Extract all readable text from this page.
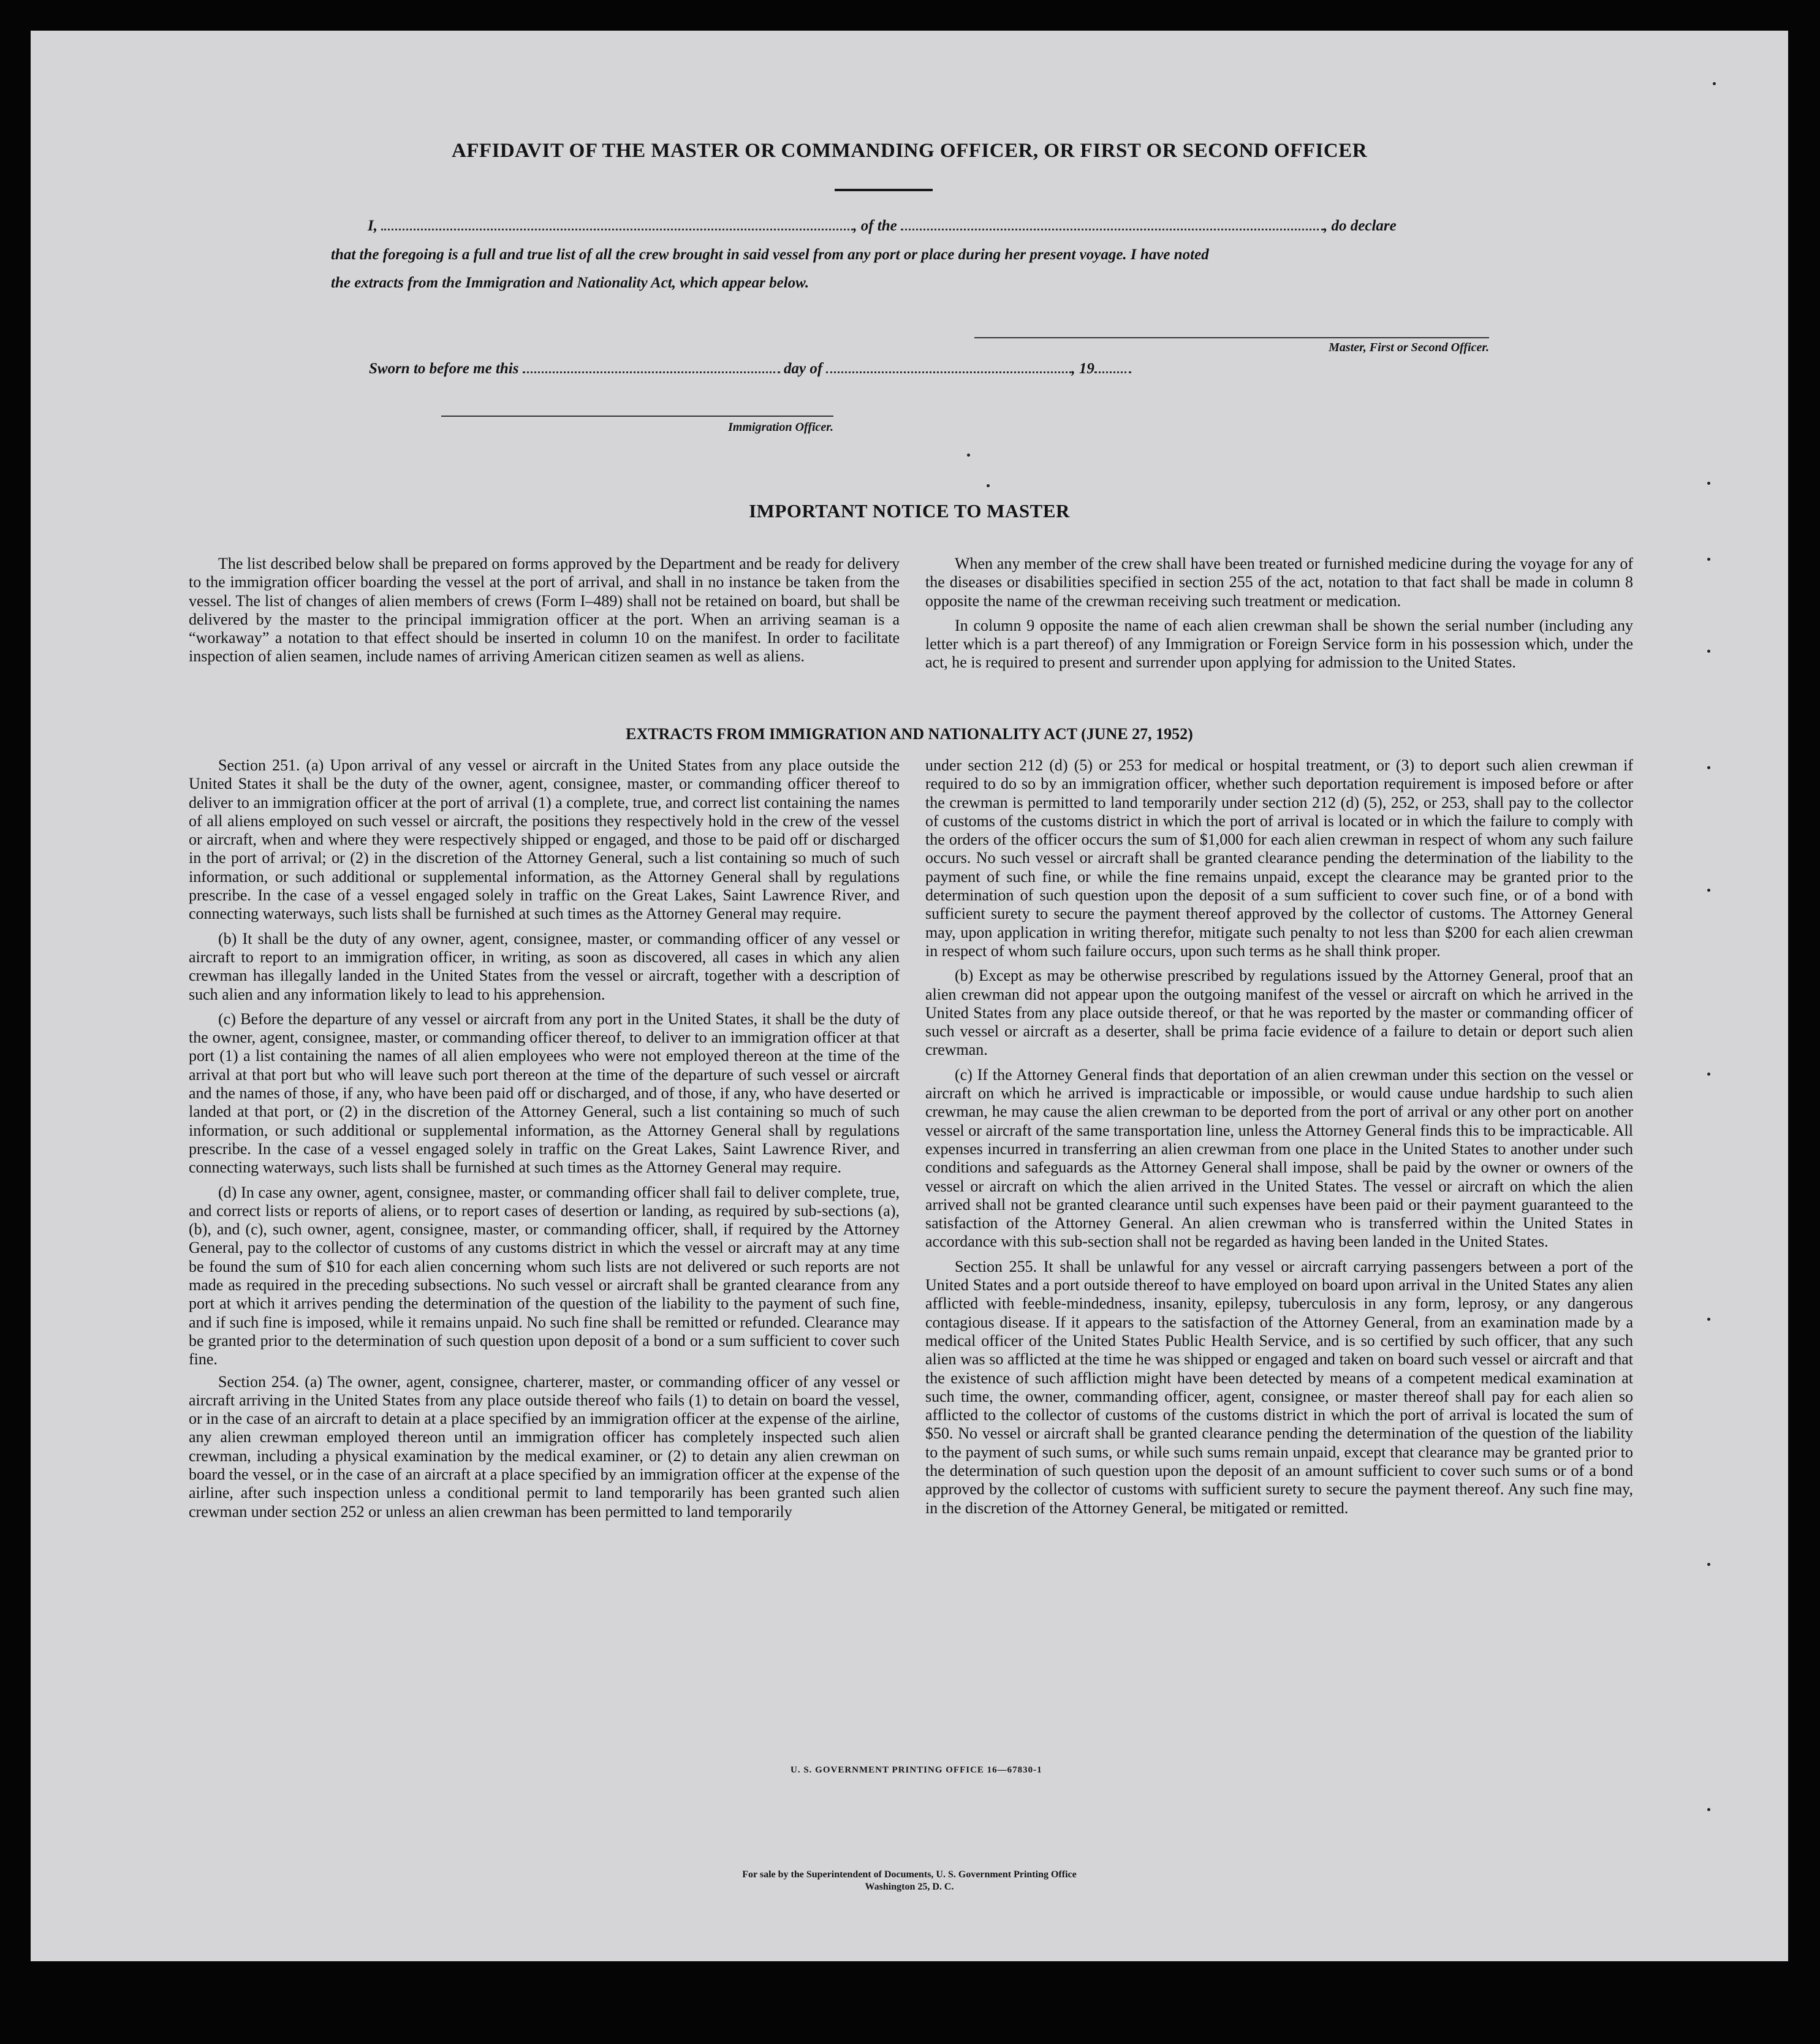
AFFIDAVIT OF THE MASTER OR COMMANDING OFFICER, OR FIRST OR SECOND OFFICER
I,	, of the	, do declare
that the foregoing is a full and true list of all the crew brought in said vessel from any port or place during her present voyage. I have noted
the extracts from the Immigration and Nationality Act, which appear below.
Master, First or Second Officer.
Sworn to before me this	day of	, 19
Immigration Officer.
IMPORTANT NOTICE TO MASTER

The list described below shall be prepared on forms approved by the Department and be ready for delivery to the immigration officer boarding the vessel at the port of arrival, and shall in no instance be taken from the vessel. The list of changes of alien members of crews (Form I–489) shall not be retained on board, but shall be delivered by the master to the principal immigration officer at the port. When an arriving seaman is a “workaway” a notation to that effect should be inserted in column 10 on the manifest. In order to facilitate inspection of alien seamen, include names of arriving American citizen seamen as well as aliens.

When any member of the crew shall have been treated or furnished medicine during the voyage for any of the diseases or disabilities specified in section 255 of the act, notation to that fact shall be made in column 8 opposite the name of the crewman receiving such treatment or medication.

In column 9 opposite the name of each alien crewman shall be shown the serial number (including any letter which is a part thereof) of any Immigration or Foreign Service form in his possession which, under the act, he is required to present and surrender upon applying for admission to the United States.

EXTRACTS FROM IMMIGRATION AND NATIONALITY ACT (JUNE 27, 1952)

Section 251. (a) Upon arrival of any vessel or aircraft in the United States from any place outside the United States it shall be the duty of the owner, agent, consignee, master, or commanding officer thereof to deliver to an immigration officer at the port of arrival (1) a complete, true, and correct list containing the names of all aliens employed on such vessel or aircraft, the positions they respectively hold in the crew of the vessel or aircraft, when and where they were respectively shipped or engaged, and those to be paid off or discharged in the port of arrival; or (2) in the discretion of the Attorney General, such a list containing so much of such information, or such additional or supplemental information, as the Attorney General shall by regulations prescribe. In the case of a vessel engaged solely in traffic on the Great Lakes, Saint Lawrence River, and connecting waterways, such lists shall be furnished at such times as the Attorney General may require.

(b) It shall be the duty of any owner, agent, consignee, master, or commanding officer of any vessel or aircraft to report to an immigration officer, in writing, as soon as discovered, all cases in which any alien crewman has illegally landed in the United States from the vessel or aircraft, together with a description of such alien and any information likely to lead to his apprehension.

(c) Before the departure of any vessel or aircraft from any port in the United States, it shall be the duty of the owner, agent, consignee, master, or commanding officer thereof, to deliver to an immigration officer at that port (1) a list containing the names of all alien employees who were not employed thereon at the time of the arrival at that port but who will leave such port thereon at the time of the departure of such vessel or aircraft and the names of those, if any, who have been paid off or discharged, and of those, if any, who have deserted or landed at that port, or (2) in the discretion of the Attorney General, such a list containing so much of such information, or such additional or supplemental information, as the Attorney General shall by regulations prescribe. In the case of a vessel engaged solely in traffic on the Great Lakes, Saint Lawrence River, and connecting waterways, such lists shall be furnished at such times as the Attorney General may require.

(d) In case any owner, agent, consignee, master, or commanding officer shall fail to deliver complete, true, and correct lists or reports of aliens, or to report cases of desertion or landing, as required by sub-sections (a), (b), and (c), such owner, agent, consignee, master, or commanding officer, shall, if required by the Attorney General, pay to the collector of customs of any customs district in which the vessel or aircraft may at any time be found the sum of $10 for each alien concerning whom such lists are not delivered or such reports are not made as required in the preceding subsections. No such vessel or aircraft shall be granted clearance from any port at which it arrives pending the determination of the question of the liability to the payment of such fine, and if such fine is imposed, while it remains unpaid. No such fine shall be remitted or refunded. Clearance may be granted prior to the determination of such question upon deposit of a bond or a sum sufficient to cover such fine.

Section 254. (a) The owner, agent, consignee, charterer, master, or commanding officer of any vessel or aircraft arriving in the United States from any place outside thereof who fails (1) to detain on board the vessel, or in the case of an aircraft to detain at a place specified by an immigration officer at the expense of the airline, any alien crewman employed thereon until an immigration officer has completely inspected such alien crewman, including a physical examination by the medical examiner, or (2) to detain any alien crewman on board the vessel, or in the case of an aircraft at a place specified by an immigration officer at the expense of the airline, after such inspection unless a conditional permit to land temporarily has been granted such alien crewman under section 252 or unless an alien crewman has been permitted to land temporarily

under section 212 (d) (5) or 253 for medical or hospital treatment, or (3) to deport such alien crewman if required to do so by an immigration officer, whether such deportation requirement is imposed before or after the crewman is permitted to land temporarily under section 212 (d) (5), 252, or 253, shall pay to the collector of customs of the customs district in which the port of arrival is located or in which the failure to comply with the orders of the officer occurs the sum of $1,000 for each alien crewman in respect of whom any such failure occurs. No such vessel or aircraft shall be granted clearance pending the determination of the liability to the payment of such fine, or while the fine remains unpaid, except the clearance may be granted prior to the determination of such question upon the deposit of a sum sufficient to cover such fine, or of a bond with sufficient surety to secure the payment thereof approved by the collector of customs. The Attorney General may, upon application in writing therefor, mitigate such penalty to not less than $200 for each alien crewman in respect of whom such failure occurs, upon such terms as he shall think proper.

(b) Except as may be otherwise prescribed by regulations issued by the Attorney General, proof that an alien crewman did not appear upon the outgoing manifest of the vessel or aircraft on which he arrived in the United States from any place outside thereof, or that he was reported by the master or commanding officer of such vessel or aircraft as a deserter, shall be prima facie evidence of a failure to detain or deport such alien crewman.

(c) If the Attorney General finds that deportation of an alien crewman under this section on the vessel or aircraft on which he arrived is impracticable or impossible, or would cause undue hardship to such alien crewman, he may cause the alien crewman to be deported from the port of arrival or any other port on another vessel or aircraft of the same transportation line, unless the Attorney General finds this to be impracticable. All expenses incurred in transferring an alien crewman from one place in the United States to another under such conditions and safeguards as the Attorney General shall impose, shall be paid by the owner or owners of the vessel or aircraft on which the alien arrived in the United States. The vessel or aircraft on which the alien arrived shall not be granted clearance until such expenses have been paid or their payment guaranteed to the satisfaction of the Attorney General. An alien crewman who is transferred within the United States in accordance with this sub-section shall not be regarded as having been landed in the United States.

Section 255. It shall be unlawful for any vessel or aircraft carrying passengers between a port of the United States and a port outside thereof to have employed on board upon arrival in the United States any alien afflicted with feeble-mindedness, insanity, epilepsy, tuberculosis in any form, leprosy, or any dangerous contagious disease. If it appears to the satisfaction of the Attorney General, from an examination made by a medical officer of the United States Public Health Service, and is so certified by such officer, that any such alien was so afflicted at the time he was shipped or engaged and taken on board such vessel or aircraft and that the existence of such affliction might have been detected by means of a competent medical examination at such time, the owner, commanding officer, agent, consignee, or master thereof shall pay for each alien so afflicted to the collector of customs of the customs district in which the port of arrival is located the sum of $50. No vessel or aircraft shall be granted clearance pending the determination of the question of the liability to the payment of such sums, or while such sums remain unpaid, except that clearance may be granted prior to the determination of such question upon the deposit of an amount sufficient to cover such sums or of a bond approved by the collector of customs with sufficient surety to secure the payment thereof. Any such fine may, in the discretion of the Attorney General, be mitigated or remitted.

U. S. GOVERNMENT PRINTING OFFICE 16—67830-1
For sale by the Superintendent of Documents, U. S. Government Printing Office
Washington 25, D. C.
